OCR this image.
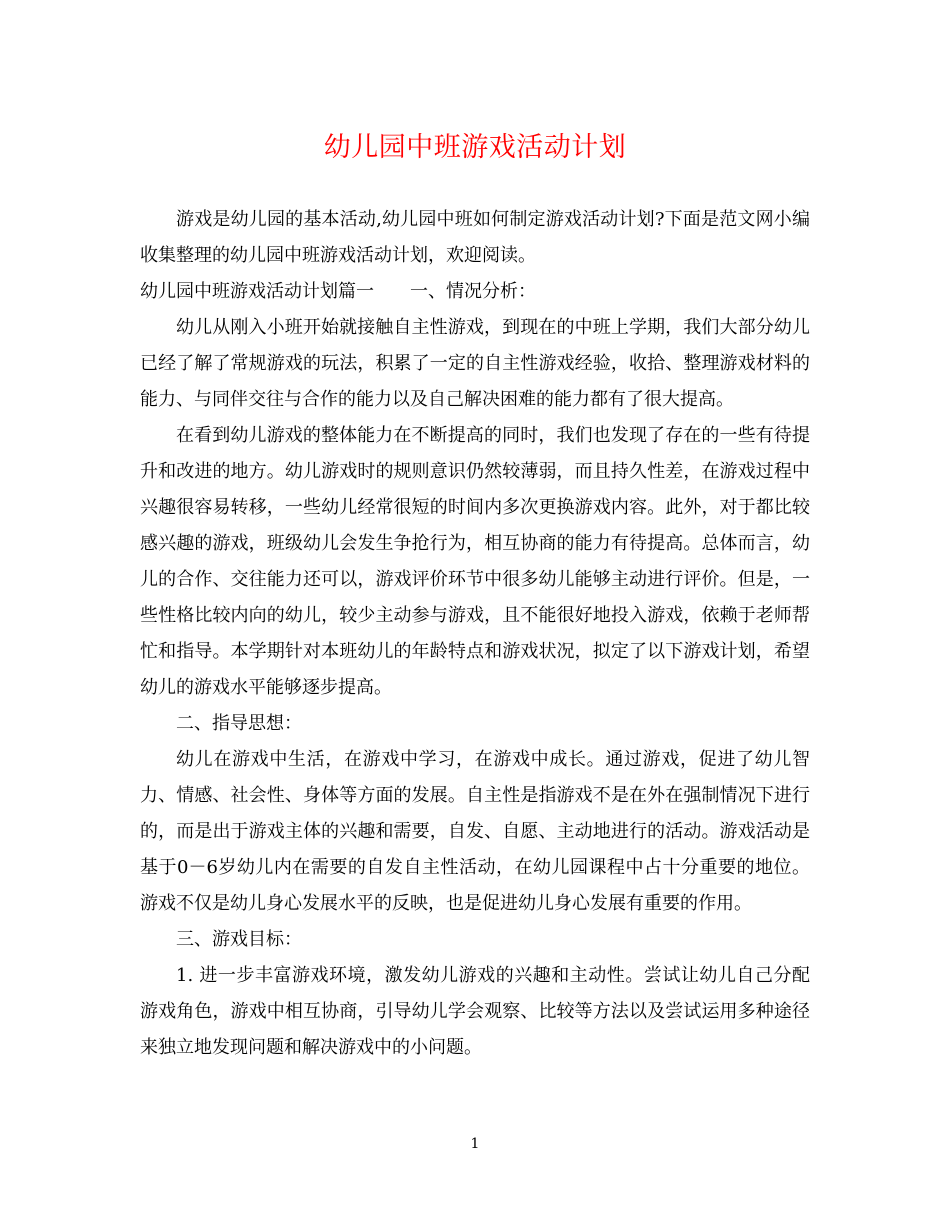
幼儿园中班游戏活动计划

游戏是幼儿园的基本活动,幼儿园中班如何制定游戏活动计划?下面是范文网小编收集整理的幼儿园中班游戏活动计划，欢迎阅读。

幼儿园中班游戏活动计划篇一　　一、情况分析：

幼儿从刚入小班开始就接触自主性游戏，到现在的中班上学期，我们大部分幼儿已经了解了常规游戏的玩法，积累了一定的自主性游戏经验，收拾、整理游戏材料的能力、与同伴交往与合作的能力以及自己解决困难的能力都有了很大提高。

在看到幼儿游戏的整体能力在不断提高的同时，我们也发现了存在的一些有待提升和改进的地方。幼儿游戏时的规则意识仍然较薄弱，而且持久性差，在游戏过程中兴趣很容易转移，一些幼儿经常很短的时间内多次更换游戏内容。此外，对于都比较感兴趣的游戏，班级幼儿会发生争抢行为，相互协商的能力有待提高。总体而言，幼儿的合作、交往能力还可以，游戏评价环节中很多幼儿能够主动进行评价。但是，一些性格比较内向的幼儿，较少主动参与游戏，且不能很好地投入游戏，依赖于老师帮忙和指导。本学期针对本班幼儿的年龄特点和游戏状况，拟定了以下游戏计划，希望幼儿的游戏水平能够逐步提高。

二、指导思想：

幼儿在游戏中生活，在游戏中学习，在游戏中成长。通过游戏，促进了幼儿智力、情感、社会性、身体等方面的发展。自主性是指游戏不是在外在强制情况下进行的，而是出于游戏主体的兴趣和需要，自发、自愿、主动地进行的活动。游戏活动是基于0－6岁幼儿内在需要的自发自主性活动，在幼儿园课程中占十分重要的地位。游戏不仅是幼儿身心发展水平的反映，也是促进幼儿身心发展有重要的作用。

三、游戏目标：

1. 进一步丰富游戏环境，激发幼儿游戏的兴趣和主动性。尝试让幼儿自己分配游戏角色，游戏中相互协商，引导幼儿学会观察、比较等方法以及尝试运用多种途径来独立地发现问题和解决游戏中的小问题。

1
